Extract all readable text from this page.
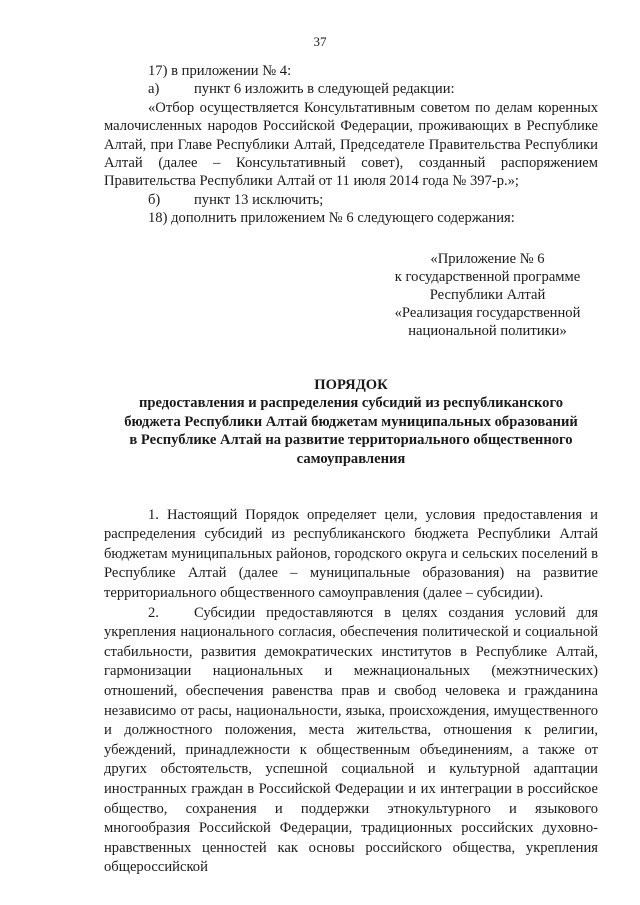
37

17) в приложении № 4:

а) пункт 6 изложить в следующей редакции:

«Отбор осуществляется Консультативным советом по делам коренных малочисленных народов Российской Федерации, проживающих в Республике Алтай, при Главе Республики Алтай, Председателе Правительства Республики Алтай (далее – Консультативный совет), созданный распоряжением Правительства Республики Алтай от 11 июля 2014 года № 397-р.»;

б) пункт 13 исключить;

18) дополнить приложением № 6 следующего содержания:

«Приложение № 6
к государственной программе
Республики Алтай
«Реализация государственной
национальной политики»
ПОРЯДОК
предоставления и распределения субсидий из республиканского
бюджета Республики Алтай бюджетам муниципальных образований
в Республике Алтай на развитие территориального общественного
самоуправления

1. Настоящий Порядок определяет цели, условия предоставления и распределения субсидий из республиканского бюджета Республики Алтай бюджетам муниципальных районов, городского округа и сельских поселений в Республике Алтай (далее – муниципальные образования) на развитие территориального общественного самоуправления (далее – субсидии).

2. Субсидии предоставляются в целях создания условий для укрепления национального согласия, обеспечения политической и социальной стабильности, развития демократических институтов в Республике Алтай, гармонизации национальных и межнациональных (межэтнических) отношений, обеспечения равенства прав и свобод человека и гражданина независимо от расы, национальности, языка, происхождения, имущественного и должностного положения, места жительства, отношения к религии, убеждений, принадлежности к общественным объединениям, а также от других обстоятельств, успешной социальной и культурной адаптации иностранных граждан в Российской Федерации и их интеграции в российское общество, сохранения и поддержки этнокультурного и языкового многообразия Российской Федерации, традиционных российских духовно-нравственных ценностей как основы российского общества, укрепления общероссийской
